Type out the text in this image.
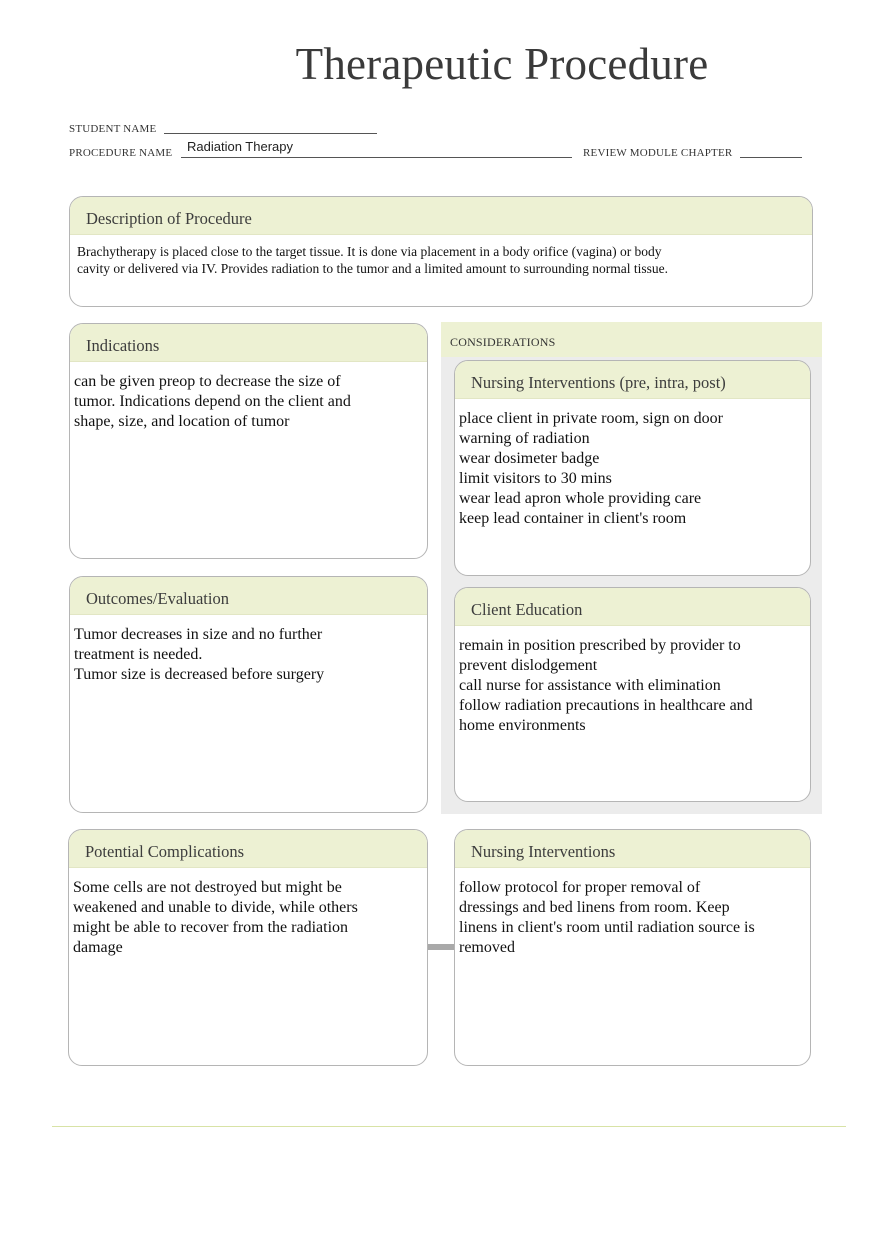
Therapeutic Procedure
STUDENT NAME
PROCEDURE NAME Radiation Therapy	REVIEW MODULE CHAPTER
Description of Procedure
Brachytherapy is placed close to the target tissue. It is done via placement in a body orifice (vagina) or body
cavity or delivered via IV. Provides radiation to the tumor and a limited amount to surrounding normal tissue.
CONSIDERATIONS
Indications
can be given preop to decrease the size of
tumor. Indications depend on the client and
shape, size, and location of tumor
Nursing Interventions (pre, intra, post)
place client in private room, sign on door
warning of radiation
wear dosimeter badge
limit visitors to 30 mins
wear lead apron whole providing care
keep lead container in client's room
Outcomes/Evaluation
Tumor decreases in size and no further
treatment is needed.
Tumor size is decreased before surgery
Client Education
remain in position prescribed by provider to
prevent dislodgement
call nurse for assistance with elimination
follow radiation precautions in healthcare and
home environments
Potential Complications
Some cells are not destroyed but might be
weakened and unable to divide, while others
might be able to recover from the radiation
damage
Nursing Interventions
follow protocol for proper removal of
dressings and bed linens from room. Keep
linens in client's room until radiation source is
removed
